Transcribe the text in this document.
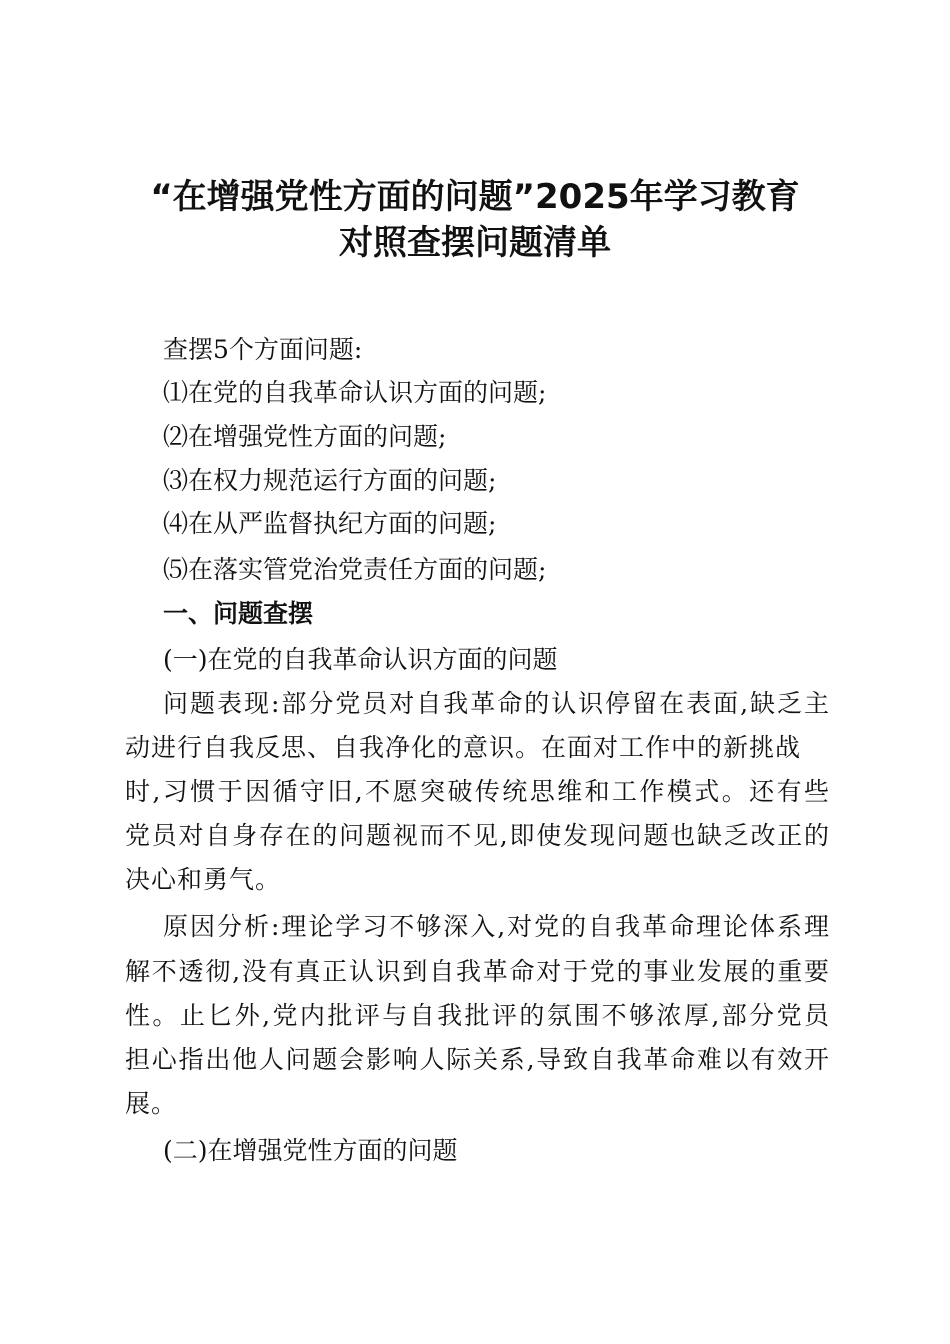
“在增强党性方面的问题”2025年学习教育
对照查摆问题清单
查摆5个方面问题:
⑴在党的自我革命认识方面的问题;
⑵在增强党性方面的问题;
⑶在权力规范运行方面的问题;
⑷在从严监督执纪方面的问题;
⑸在落实管党治党责任方面的问题;
一、问题查摆
(一)在党的自我革命认识方面的问题
问题表现:部分党员对自我革命的认识停留在表面,缺乏主
动进行自我反思、自我净化的意识。在面对工作中的新挑战
时,习惯于因循守旧,不愿突破传统思维和工作模式。还有些
党员对自身存在的问题视而不见,即使发现问题也缺乏改正的
决心和勇气。
原因分析:理论学习不够深入,对党的自我革命理论体系理
解不透彻,没有真正认识到自我革命对于党的事业发展的重要
性。止匕外,党内批评与自我批评的氛围不够浓厚,部分党员
担心指出他人问题会影响人际关系,导致自我革命难以有效开
展。
(二)在增强党性方面的问题
